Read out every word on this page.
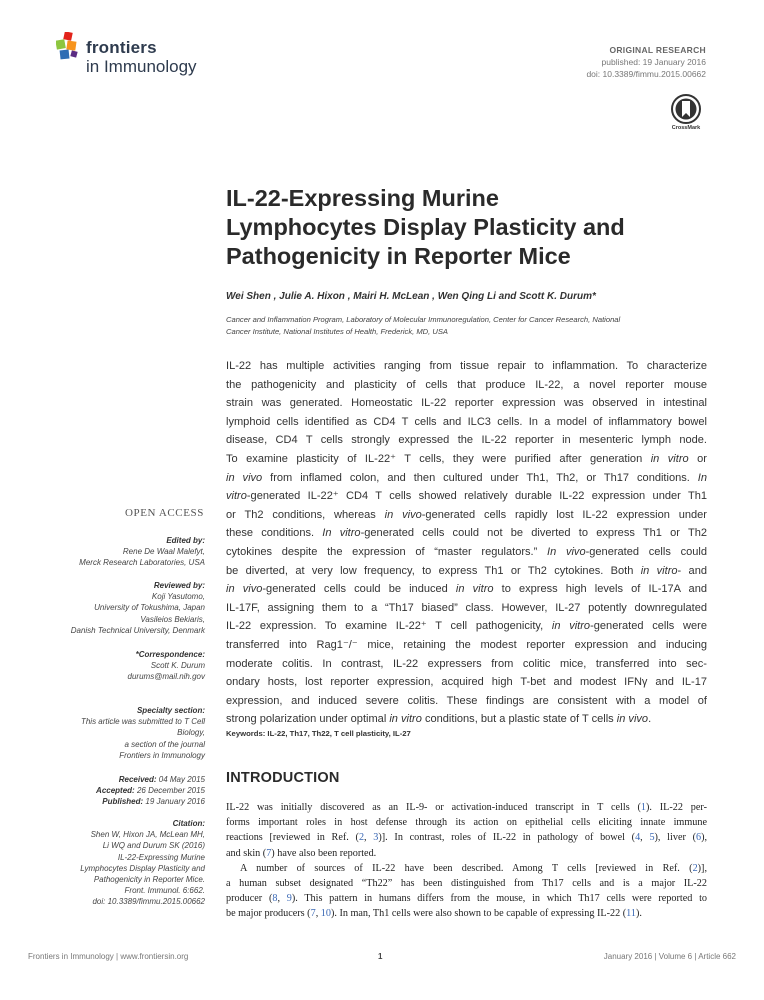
frontiers
in Immunology
ORIGINAL RESEARCH
published: 19 January 2016
doi: 10.3389/fimmu.2015.00662
CrossMark
IL-22-Expressing Murine
Lymphocytes Display Plasticity and
Pathogenicity in Reporter Mice
Wei Shen , Julie A. Hixon , Mairi H. McLean , Wen Qing Li and Scott K. Durum*
Cancer and Inflammation Program, Laboratory of Molecular Immunoregulation, Center for Cancer Research, National
Cancer Institute, National Institutes of Health, Frederick, MD, USA
IL-22 has multiple activities ranging from tissue repair to inflammation. To characterize
the pathogenicity and plasticity of cells that produce IL-22, a novel reporter mouse
strain was generated. Homeostatic IL-22 reporter expression was observed in intestinal
lymphoid cells identified as CD4 T cells and ILC3 cells. In a model of inflammatory bowel
disease, CD4 T cells strongly expressed the IL-22 reporter in mesenteric lymph node.
To examine plasticity of IL-22⁺ T cells, they were purified after generation in vitro or
in vivo from inflamed colon, and then cultured under Th1, Th2, or Th17 conditions. In
vitro-generated IL-22⁺ CD4 T cells showed relatively durable IL-22 expression under Th1
or Th2 conditions, whereas in vivo-generated cells rapidly lost IL-22 expression under
these conditions. In vitro-generated cells could not be diverted to express Th1 or Th2
cytokines despite the expression of “master regulators.” In vivo-generated cells could
be diverted, at very low frequency, to express Th1 or Th2 cytokines. Both in vitro- and
in vivo-generated cells could be induced in vitro to express high levels of IL-17A and
IL-17F, assigning them to a “Th17 biased” class. However, IL-27 potently downregulated
IL-22 expression. To examine IL-22⁺ T cell pathogenicity, in vitro-generated cells were
transferred into Rag1⁻/⁻ mice, retaining the modest reporter expression and inducing
moderate colitis. In contrast, IL-22 expressers from colitic mice, transferred into sec-
ondary hosts, lost reporter expression, acquired high T-bet and modest IFNγ and IL-17
expression, and induced severe colitis. These findings are consistent with a model of
strong polarization under optimal in vitro conditions, but a plastic state of T cells in vivo.
Keywords: IL-22, Th17, Th22, T cell plasticity, IL-27
OPEN ACCESS
Edited by:
Rene De Waal Malefyt,
Merck Research Laboratories, USA
Reviewed by:
Koji Yasutomo,
University of Tokushima, Japan
Vasileios Bekiaris,
Danish Technical University, Denmark
*Correspondence:
Scott K. Durum
durums@mail.nih.gov
Specialty section:
This article was submitted to T Cell
Biology,
a section of the journal
Frontiers in Immunology
Received: 04 May 2015
Accepted: 26 December 2015
Published: 19 January 2016
Citation:
Shen W, Hixon JA, McLean MH,
Li WQ and Durum SK (2016)
IL-22-Expressing Murine
Lymphocytes Display Plasticity and
Pathogenicity in Reporter Mice.
Front. Immunol. 6:662.
doi: 10.3389/fimmu.2015.00662
INTRODUCTION
IL-22 was initially discovered as an IL-9- or activation-induced transcript in T cells (1). IL-22 per-
forms important roles in host defense through its action on epithelial cells eliciting innate immune
reactions [reviewed in Ref. (2, 3)]. In contrast, roles of IL-22 in pathology of bowel (4, 5), liver (6),
and skin (7) have also been reported.
A number of sources of IL-22 have been described. Among T cells [reviewed in Ref. (2)],
a human subset designated “Th22” has been distinguished from Th17 cells and is a major IL-22
producer (8, 9). This pattern in humans differs from the mouse, in which Th17 cells were reported to
be major producers (7, 10). In man, Th1 cells were also shown to be capable of expressing IL-22 (11).
Frontiers in Immunology | www.frontiersin.org	1	January 2016 | Volume 6 | Article 662
